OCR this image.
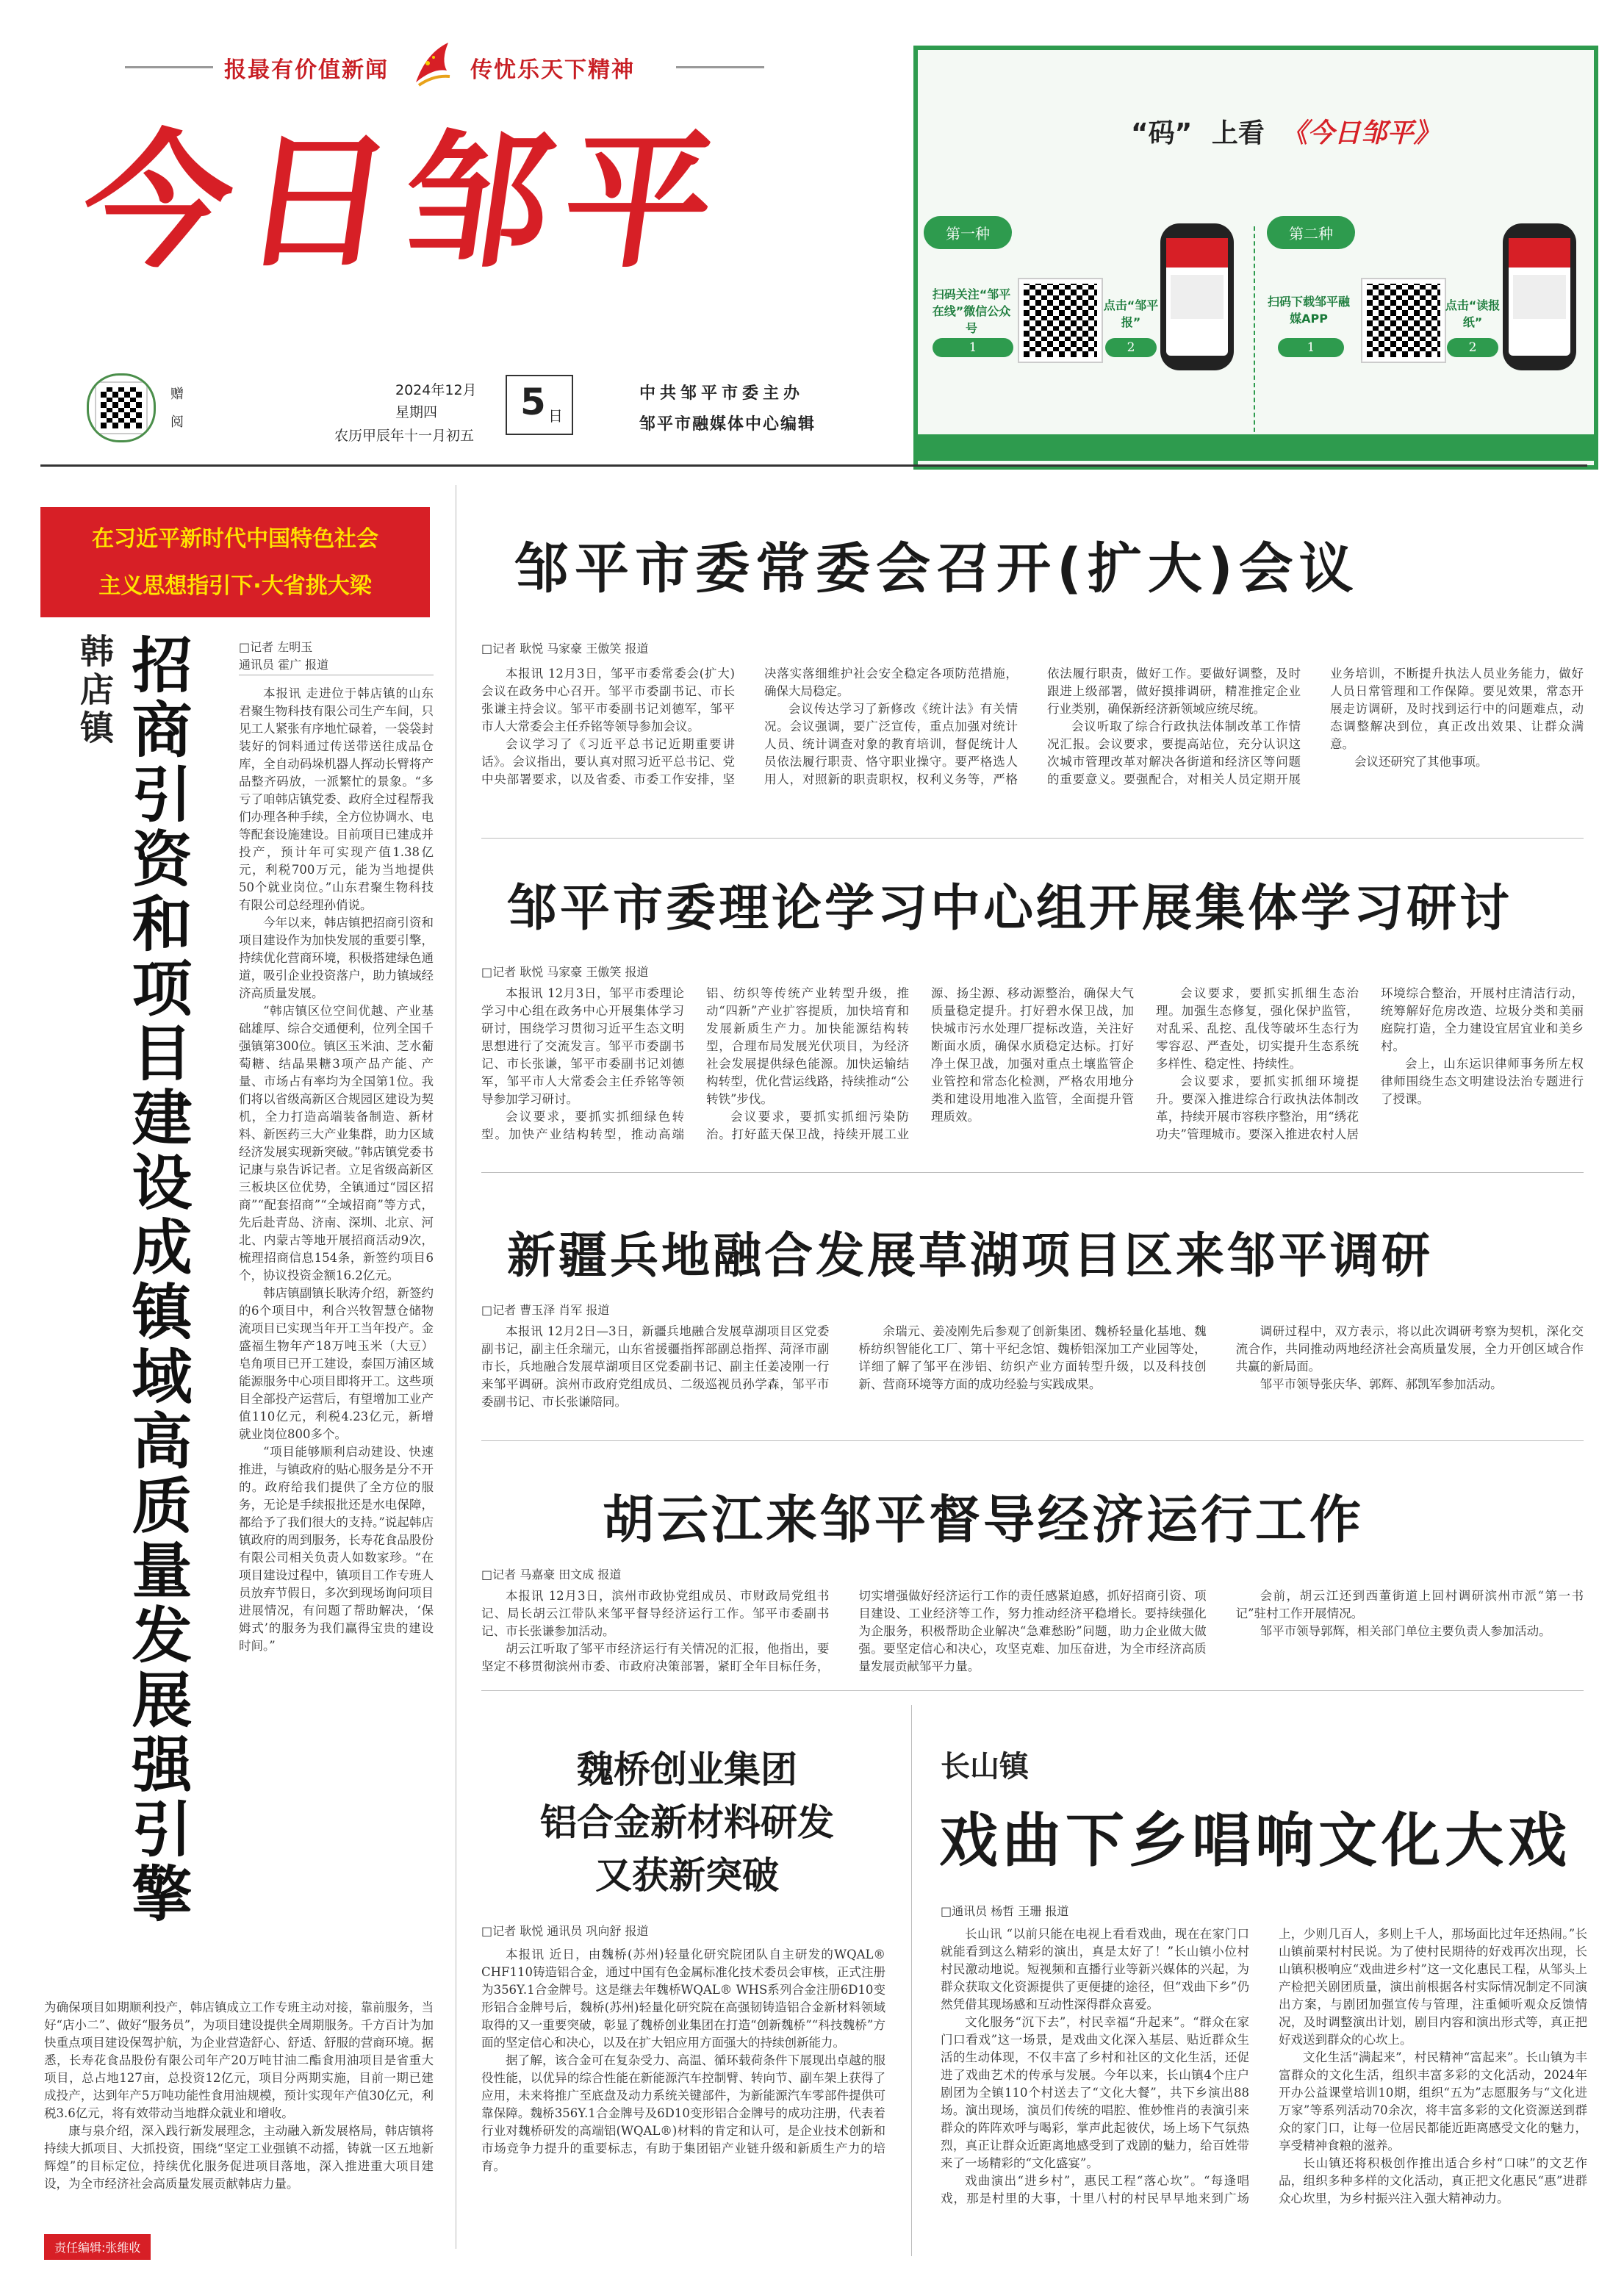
报最有价值新闻	传忧乐天下精神
今日邹平
赠
阅
2024年12月
星期四
农历甲辰年十一月初五
5 日
中共邹平市委主办
邹平市融媒体中心编辑
“码” 上看 《今日邹平》
第一种
扫码关注“邹平在线”微信公众号
1
点击“邹平报”
2
第二种
扫码下载邹平融媒APP
1
点击“读报纸”
2
在习近平新时代中国特色社会
主义思想指引下·大省挑大梁
韩店镇 招商引资和项目建设成镇域高质量发展强引擎	□记者 左明玉
通讯员 霍广 报道

本报讯 走进位于韩店镇的山东君聚生物科技有限公司生产车间，只见工人紧张有序地忙碌着，一袋袋封装好的饲料通过传送带送往成品仓库，全自动码垛机器人挥动长臂将产品整齐码放，一派繁忙的景象。“多亏了咱韩店镇党委、政府全过程帮我们办理各种手续，全方位协调水、电等配套设施建设。目前项目已建成并投产，预计年可实现产值1.38亿元，利税700万元，能为当地提供50个就业岗位。”山东君聚生物科技有限公司总经理孙俏说。

今年以来，韩店镇把招商引资和项目建设作为加快发展的重要引擎，持续优化营商环境，积极搭建绿色通道，吸引企业投资落户，助力镇域经济高质量发展。

“韩店镇区位空间优越、产业基础雄厚、综合交通便利，位列全国千强镇第300位。镇区玉米油、芝水葡萄糖、结晶果糖3项产品产能、产量、市场占有率均为全国第1位。我们将以省级高新区合规园区建设为契机，全力打造高端装备制造、新材料、新医药三大产业集群，助力区域经济发展实现新突破。”韩店镇党委书记康与泉告诉记者。立足省级高新区三板块区位优势，全镇通过“园区招商”“配套招商”“全域招商”等方式，先后赴青岛、济南、深圳、北京、河北、内蒙古等地开展招商活动9次，梳理招商信息154条，新签约项目6个，协议投资金额16.2亿元。

韩店镇副镇长耿涛介绍，新签约的6个项目中，利合兴牧智慧仓储物流项目已实现当年开工当年投产。金盛福生物年产18万吨玉米（大豆）皂角项目已开工建设，泰国万浦区域能源服务中心项目即将开工。这些项目全部投产运营后，有望增加工业产值110亿元，利税4.23亿元，新增就业岗位800多个。

“项目能够顺利启动建设、快速推进，与镇政府的贴心服务是分不开的。政府给我们提供了全方位的服务，无论是手续报批还是水电保障，都给予了我们很大的支持。”说起韩店镇政府的周到服务，长寿花食品股份有限公司相关负责人如数家珍。“在项目建设过程中，镇项目工作专班人员放弃节假日，多次到现场询问项目进展情况，有问题了帮助解决，‘保姆式’的服务为我们赢得宝贵的建设时间。”

为确保项目如期顺利投产，韩店镇成立工作专班主动对接，靠前服务，当好“店小二”、做好“服务员”，为项目建设提供全周期服务。千方百计为加快重点项目建设保驾护航，为企业营造舒心、舒适、舒服的营商环境。据悉，长寿花食品股份有限公司年产20万吨甘油二酯食用油项目是省重大项目，总占地127亩，总投资12亿元，项目分两期实施，目前一期已建成投产，达到年产5万吨功能性食用油规模，预计实现年产值30亿元，利税3.6亿元，将有效带动当地群众就业和增收。

康与泉介绍，深入践行新发展理念，主动融入新发展格局，韩店镇将持续大抓项目、大抓投资，围绕“坚定工业强镇不动摇，铸就一区五地新辉煌”的目标定位，持续优化服务促进项目落地，深入推进重大项目建设，为全市经济社会高质量发展贡献韩店力量。

责任编辑:张维收
邹平市委常委会召开(扩大)会议
□记者 耿悦 马家豪 王傲笑 报道

本报讯 12月3日，邹平市委常委会(扩大)会议在政务中心召开。邹平市委副书记、市长张谦主持会议。邹平市委副书记刘德军，邹平市人大常委会主任乔铭等领导参加会议。

会议学习了《习近平总书记近期重要讲话》。会议指出，要认真对照习近平总书记、党中央部署要求，以及省委、市委工作安排，坚决落实落细维护社会安全稳定各项防范措施，确保大局稳定。

会议传达学习了新修改《统计法》有关情况。会议强调，要广泛宣传，重点加强对统计人员、统计调查对象的教育培训，督促统计人员依法履行职责、恪守职业操守。要严格选人用人，对照新的职责职权，权利义务等，严格依法履行职责，做好工作。要做好调整，及时跟进上级部署，做好摸排调研，精准推定企业行业类别，确保新经济新领域应统尽统。

会议听取了综合行政执法体制改革工作情况汇报。会议要求，要提高站位，充分认识这次城市管理改革对解决各街道和经济区等问题的重要意义。要强配合，对相关人员定期开展业务培训，不断提升执法人员业务能力，做好人员日常管理和工作保障。要见效果，常态开展走访调研，及时找到运行中的问题难点，动态调整解决到位，真正改出效果、让群众满意。

会议还研究了其他事项。

邹平市委理论学习中心组开展集体学习研讨
□记者 耿悦 马家豪 王傲笑 报道

本报讯 12月3日，邹平市委理论学习中心组在政务中心开展集体学习研讨，围绕学习贯彻习近平生态文明思想进行了交流发言。邹平市委副书记、市长张谦，邹平市委副书记刘德军，邹平市人大常委会主任乔铭等领导参加学习研讨。

会议要求，要抓实抓细绿色转型。加快产业结构转型，推动高端铝、纺织等传统产业转型升级，推动“四新”产业扩容提质，加快培育和发展新质生产力。加快能源结构转型，合理布局发展光伏项目，为经济社会发展提供绿色能源。加快运输结构转型，优化营运线路，持续推动“公转铁”步伐。

会议要求，要抓实抓细污染防治。打好蓝天保卫战，持续开展工业源、扬尘源、移动源整治，确保大气质量稳定提升。打好碧水保卫战，加快城市污水处理厂提标改造，关注好断面水质，确保水质稳定达标。打好净土保卫战，加强对重点土壤监管企业管控和常态化检测，严格农用地分类和建设用地准入监管，全面提升管理质效。

会议要求，要抓实抓细生态治理。加强生态修复，强化保护监管，对乱采、乱挖、乱伐等破坏生态行为零容忍、严查处，切实提升生态系统多样性、稳定性、持续性。

会议要求，要抓实抓细环境提升。要深入推进综合行政执法体制改革，持续开展市容秩序整治，用“绣花功夫”管理城市。要深入推进农村人居环境综合整治，开展村庄清洁行动，统筹解好危房改造、垃圾分类和美丽庭院打造，全力建设宜居宜业和美乡村。

会上，山东运识律师事务所左权律师围绕生态文明建设法治专题进行了授课。

新疆兵地融合发展草湖项目区来邹平调研
□记者 曹玉泽 肖军 报道

本报讯 12月2日—3日，新疆兵地融合发展草湖项目区党委副书记，副主任余瑞元，山东省援疆指挥部副总指挥、菏泽市副市长，兵地融合发展草湖项目区党委副书记、副主任姜凌刚一行来邹平调研。滨州市政府党组成员、二级巡视员孙学森，邹平市委副书记、市长张谦陪同。

余瑞元、姜凌刚先后参观了创新集团、魏桥轻量化基地、魏桥纺织智能化工厂、第十平纪念馆、魏桥铝深加工产业园等处，详细了解了邹平在涉铝、纺织产业方面转型升级，以及科技创新、营商环境等方面的成功经验与实践成果。

调研过程中，双方表示，将以此次调研考察为契机，深化交流合作，共同推动两地经济社会高质量发展，全力开创区域合作共赢的新局面。

邹平市领导张庆华、郭辉、郝凯军参加活动。

胡云江来邹平督导经济运行工作
□记者 马嘉豪 田文成 报道

本报讯 12月3日，滨州市政协党组成员、市财政局党组书记、局长胡云江带队来邹平督导经济运行工作。邹平市委副书记、市长张谦参加活动。

胡云江听取了邹平市经济运行有关情况的汇报，他指出，要坚定不移贯彻滨州市委、市政府决策部署，紧盯全年目标任务，切实增强做好经济运行工作的责任感紧迫感，抓好招商引资、项目建设、工业经济等工作，努力推动经济平稳增长。要持续强化为企服务，积极帮助企业解决“急难愁盼”问题，助力企业做大做强。要坚定信心和决心，攻坚克难、加压奋进，为全市经济高质量发展贡献邹平力量。

会前，胡云江还到西董街道上回村调研滨州市派“第一书记”驻村工作开展情况。

邹平市领导郭辉，相关部门单位主要负责人参加活动。

魏桥创业集团
铝合金新材料研发
又获新突破
□记者 耿悦 通讯员 巩向舒 报道

本报讯 近日，由魏桥(苏州)轻量化研究院团队自主研发的WQAL® CHF110铸造铝合金，通过中国有色金属标准化技术委员会审核，正式注册为356Y.1合金牌号。这是继去年魏桥WQAL® WHS系列合金注册6D10变形铝合金牌号后，魏桥(苏州)轻量化研究院在高强韧铸造铝合金新材料领域取得的又一重要突破，彰显了魏桥创业集团在打造“创新魏桥”“科技魏桥”方面的坚定信心和决心，以及在扩大铝应用方面强大的持续创新能力。

据了解，该合金可在复杂受力、高温、循环载荷条件下展现出卓越的服役性能，以优异的综合性能在新能源汽车控制臂、转向节、副车架上获得了应用，未来将推广至底盘及动力系统关键部件，为新能源汽车零部件提供可靠保障。魏桥356Y.1合金牌号及6D10变形铝合金牌号的成功注册，代表着行业对魏桥研发的高端铝(WQAL®)材料的肯定和认可，是企业技术创新和市场竞争力提升的重要标志，有助于集团铝产业链升级和新质生产力的培育。

长山镇
戏曲下乡唱响文化大戏
□通讯员 杨哲 王珊 报道

长山讯 “以前只能在电视上看看戏曲，现在在家门口就能看到这么精彩的演出，真是太好了！”长山镇小位村村民激动地说。短视频和直播行业等新兴媒体的兴起，为群众获取文化资源提供了更便捷的途径，但“戏曲下乡”仍然凭借其现场感和互动性深得群众喜爱。

文化服务“沉下去”，村民幸福“升起来”。“群众在家门口看戏”这一场景，是戏曲文化深入基层、贴近群众生活的生动体现，不仅丰富了乡村和社区的文化生活，还促进了戏曲艺术的传承与发展。今年以来，长山镇4个庄户剧团为全镇110个村送去了“文化大餐”，共下乡演出88场。演出现场，演员们传统的唱腔、惟妙惟肖的表演引来群众的阵阵欢呼与喝彩，掌声此起彼伏，场上场下气氛热烈，真正让群众近距离地感受到了戏剧的魅力，给百姓带来了一场精彩的“文化盛宴”。

戏曲演出“进乡村”，惠民工程“落心坎”。“每逢唱戏，那是村里的大事，十里八村的村民早早地来到广场上，少则几百人，多则上千人，那场面比过年还热闹。”长山镇前栗村村民说。为了使村民期待的好戏再次出现，长山镇积极响应“戏曲进乡村”这一文化惠民工程，从邹头上产检把关剧团质量，演出前根据各村实际情况制定不同演出方案，与剧团加强宣传与管理，注重倾听观众反馈情况，及时调整演出计划，剧目内容和演出形式等，真正把好戏送到群众的心坎上。

文化生活“满起来”，村民精神“富起来”。长山镇为丰富群众的文化生活，组织丰富多彩的文化活动，2024年开办公益课堂培训10期，组织“五为”志愿服务与“文化进万家”等系列活动70余次，将丰富多彩的文化资源送到群众的家门口，让每一位居民都能近距离感受文化的魅力，享受精神食粮的滋养。

长山镇还将积极创作推出适合乡村“口味”的文艺作品，组织多种多样的文化活动，真正把文化惠民“惠”进群众心坎里，为乡村振兴注入强大精神动力。
